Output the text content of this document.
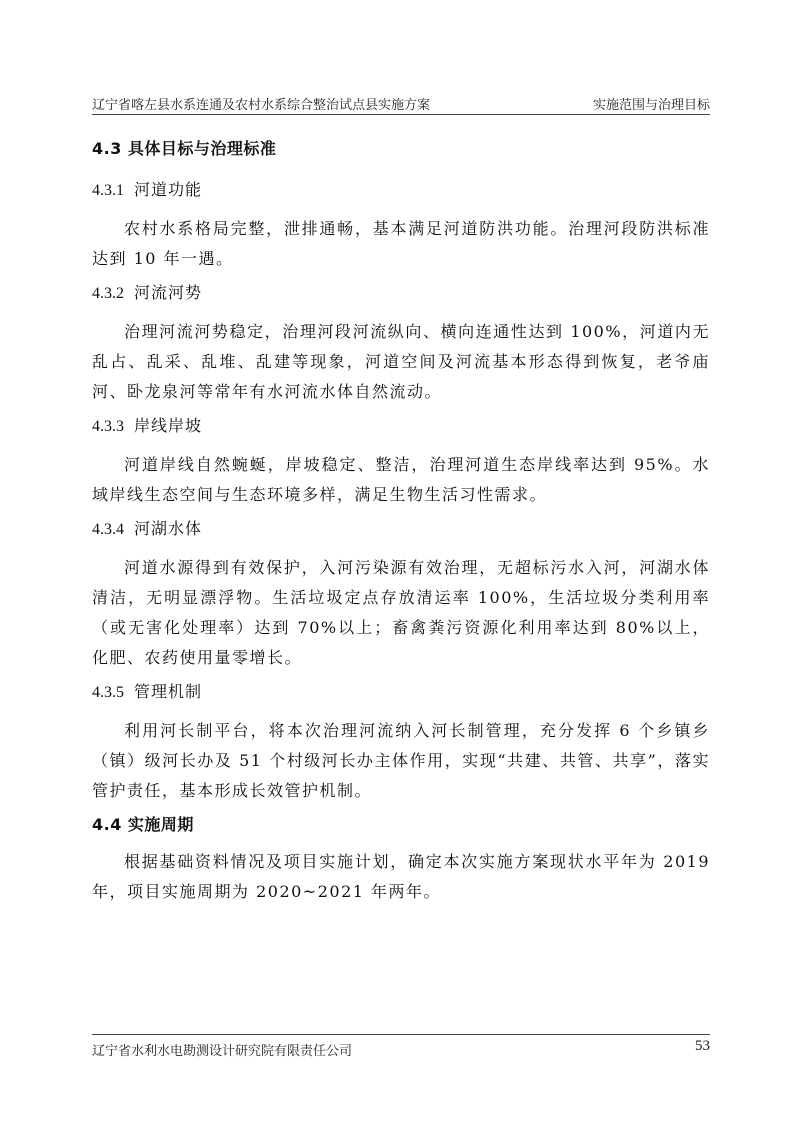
辽宁省喀左县水系连通及农村水系综合整治试点县实施方案	实施范围与治理目标
4.3 具体目标与治理标准
4.3.1 河道功能

农村水系格局完整，泄排通畅，基本满足河道防洪功能。治理河段防洪标准达到 10 年一遇。

4.3.2 河流河势

治理河流河势稳定，治理河段河流纵向、横向连通性达到 100%，河道内无乱占、乱采、乱堆、乱建等现象，河道空间及河流基本形态得到恢复，老爷庙河、卧龙泉河等常年有水河流水体自然流动。

4.3.3 岸线岸坡

河道岸线自然蜿蜒，岸坡稳定、整洁，治理河道生态岸线率达到 95%。水域岸线生态空间与生态环境多样，满足生物生活习性需求。

4.3.4 河湖水体

河道水源得到有效保护，入河污染源有效治理，无超标污水入河，河湖水体清洁，无明显漂浮物。生活垃圾定点存放清运率 100%，生活垃圾分类利用率（或无害化处理率）达到 70%以上；畜禽粪污资源化利用率达到 80%以上，化肥、农药使用量零增长。

4.3.5 管理机制

利用河长制平台，将本次治理河流纳入河长制管理，充分发挥 6 个乡镇乡（镇）级河长办及 51 个村级河长办主体作用，实现“共建、共管、共享”，落实管护责任，基本形成长效管护机制。

4.4 实施周期

根据基础资料情况及项目实施计划，确定本次实施方案现状水平年为 2019 年，项目实施周期为 2020~2021 年两年。

辽宁省水利水电勘测设计研究院有限责任公司	53
